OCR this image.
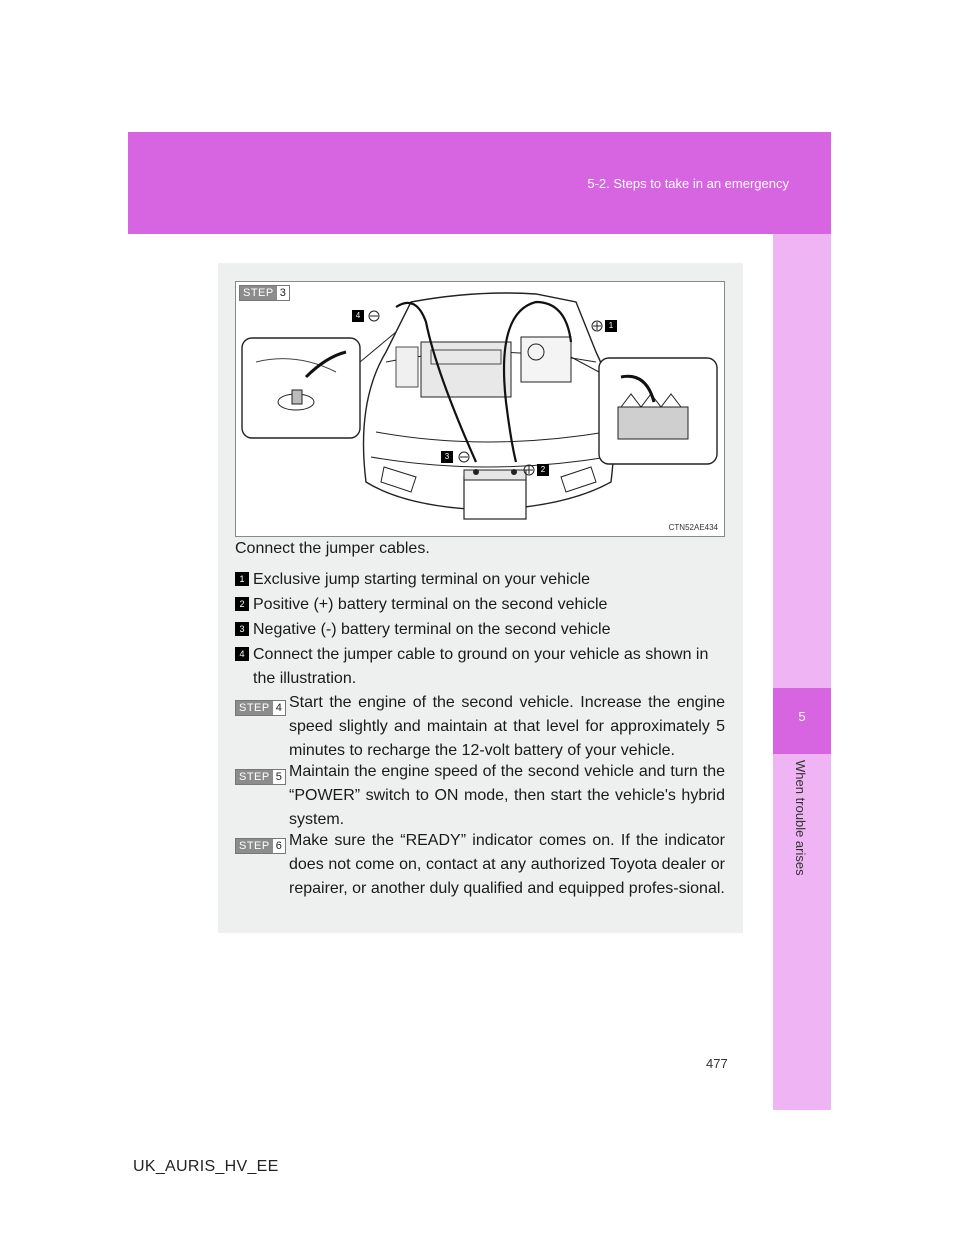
5-2. Steps to take in an emergency
5
When trouble arises
4
1
3
2
STEP 3
CTN52AE434
Connect the jumper cables.

1 Exclusive jump starting terminal on your vehicle

2 Positive (+) battery terminal on the second vehicle

3 Negative (-) battery terminal on the second vehicle

4 Connect the jumper cable to ground on your vehicle as shown in

the illustration.

STEP 4 Start the engine of the second vehicle. Increase the engine speed slightly and maintain at that level for approximately 5 minutes to recharge the 12-volt battery of your vehicle.

STEP 5 Maintain the engine speed of the second vehicle and turn the “POWER” switch to ON mode, then start the vehicle's hybrid system.

STEP 6 Make sure the “READY” indicator comes on. If the indicator does not come on, contact at any authorized Toyota dealer or repairer, or another duly qualified and equipped profes-sional.

477
UK_AURIS_HV_EE
